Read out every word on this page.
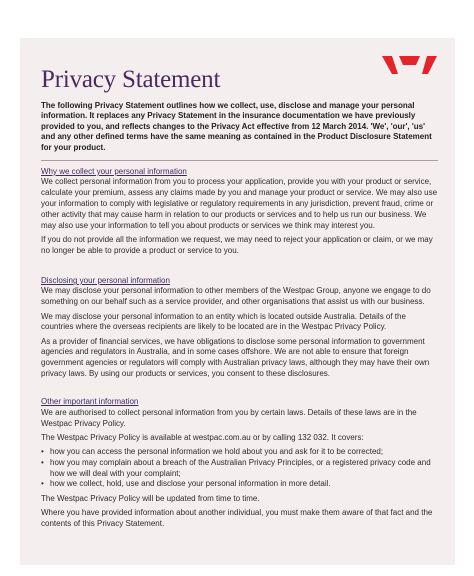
Privacy Statement

The following Privacy Statement outlines how we collect, use, disclose and manage your personal information. It replaces any Privacy Statement in the insurance documentation we have previously provided to you, and reflects changes to the Privacy Act effective from 12 March 2014. 'We', 'our', 'us' and any other defined terms have the same meaning as contained in the Product Disclosure Statement for your product.

Why we collect your personal information

We collect personal information from you to process your application, provide you with your product or service, calculate your premium, assess any claims made by you and manage your product or service. We may also use your information to comply with legislative or regulatory requirements in any jurisdiction, prevent fraud, crime or other activity that may cause harm in relation to our products or services and to help us run our business. We may also use your information to tell you about products or services we think may interest you.

If you do not provide all the information we request, we may need to reject your application or claim, or we may no longer be able to provide a product or service to you.

Disclosing your personal information

We may disclose your personal information to other members of the Westpac Group, anyone we engage to do something on our behalf such as a service provider, and other organisations that assist us with our business.

We may disclose your personal information to an entity which is located outside Australia. Details of the countries where the overseas recipients are likely to be located are in the Westpac Privacy Policy.

As a provider of financial services, we have obligations to disclose some personal information to government agencies and regulators in Australia, and in some cases offshore. We are not able to ensure that foreign government agencies or regulators will comply with Australian privacy laws, although they may have their own privacy laws. By using our products or services, you consent to these disclosures.

Other important information

We are authorised to collect personal information from you by certain laws. Details of these laws are in the Westpac Privacy Policy.

The Westpac Privacy Policy is available at westpac.com.au or by calling 132 032. It covers:

• how you can access the personal information we hold about you and ask for it to be corrected;
• how you may complain about a breach of the Australian Privacy Principles, or a registered privacy code and how we will deal with your complaint;
• how we collect, hold, use and disclose your personal information in more detail.

The Westpac Privacy Policy will be updated from time to time.

Where you have provided information about another individual, you must make them aware of that fact and the contents of this Privacy Statement.
